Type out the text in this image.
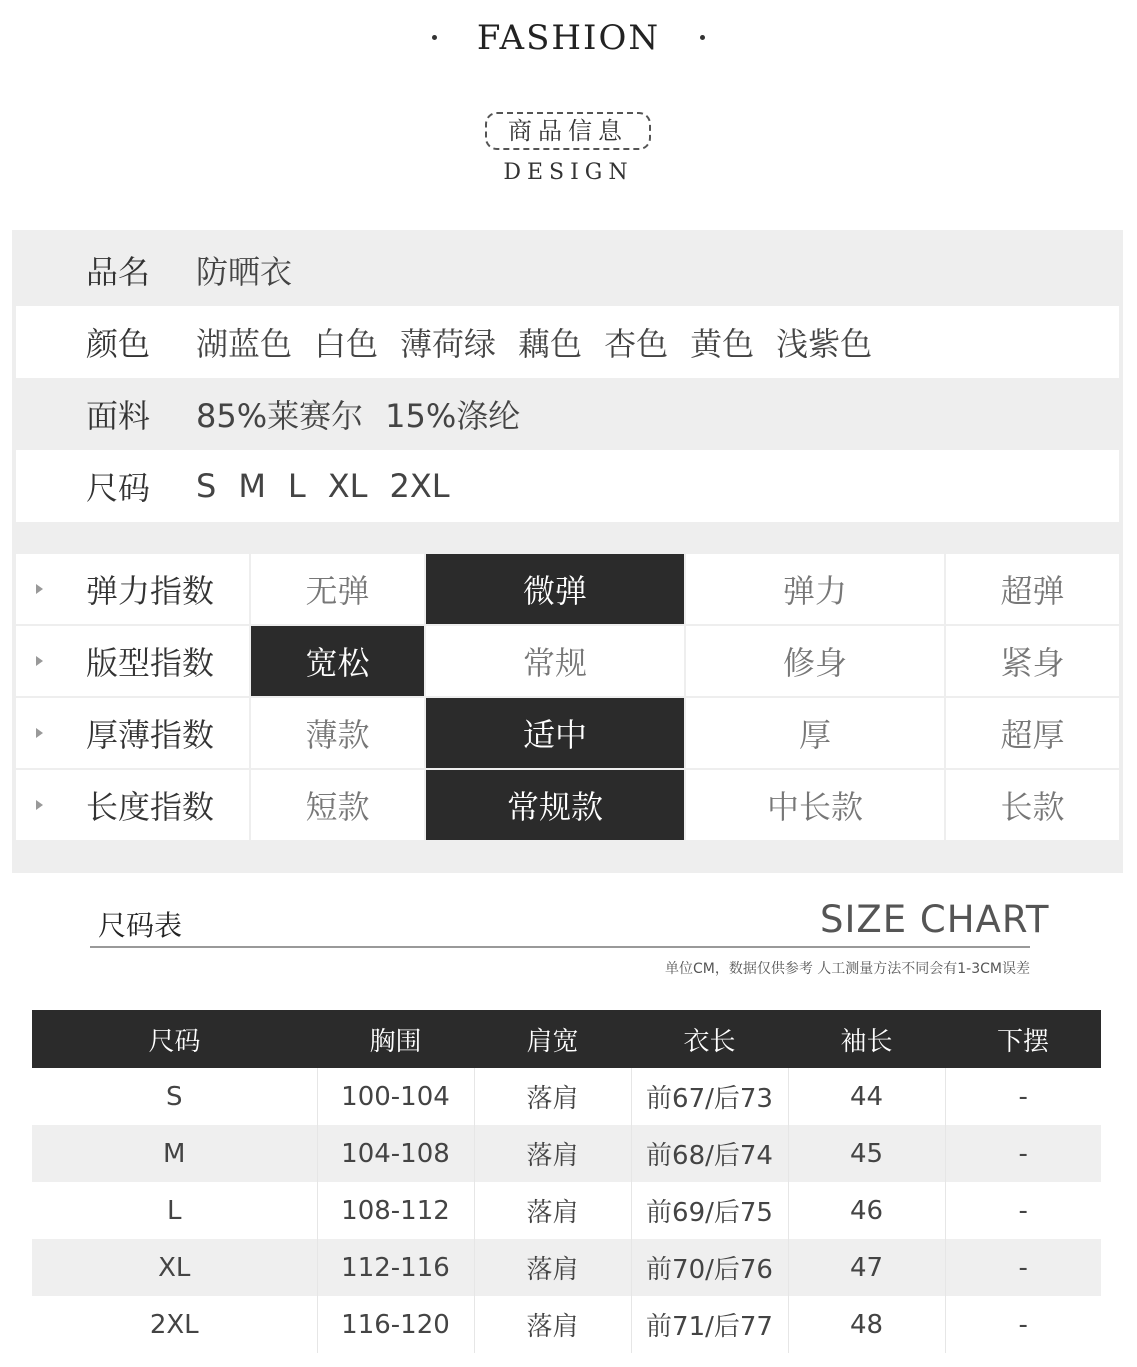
FASHION
商品信息
DESIGN
品名	防晒衣
颜色	湖蓝色 白色 薄荷绿 藕色 杏色 黄色 浅紫色
面料	85%莱赛尔 15%涤纶
尺码	S M L XL 2XL
弹力指数	无弹	微弹	弹力	超弹

版型指数	宽松	常规	修身	紧身

厚薄指数	薄款	适中	厚	超厚

长度指数	短款	常规款	中长款	长款
尺码表	SIZE CHART
单位CM，数据仅供参考 人工测量方法不同会有1-3CM误差
尺码	胸围	肩宽	衣长	袖长	下摆
S	100-104	落肩	前67/后73	44	-
M	104-108	落肩	前68/后74	45	-
L	108-112	落肩	前69/后75	46	-
XL	112-116	落肩	前70/后76	47	-
2XL	116-120	落肩	前71/后77	48	-
